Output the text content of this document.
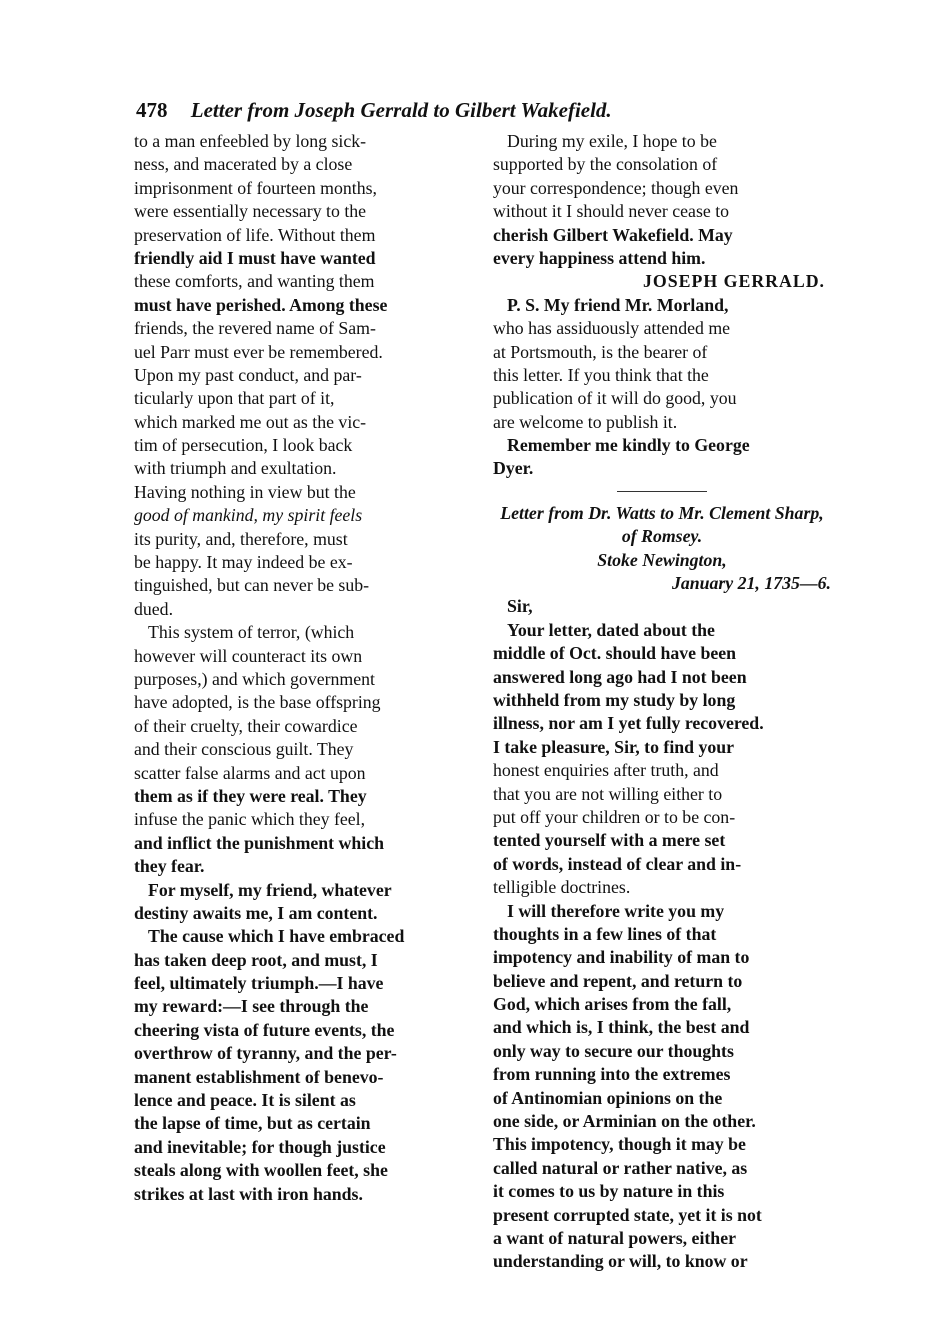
478 Letter from Joseph Gerrald to Gilbert Wakefield.
to a man enfeebled by long sick-
ness, and macerated by a close
imprisonment of fourteen months,
were essentially necessary to the
preservation of life. Without them
friendly aid I must have wanted
these comforts, and wanting them
must have perished. Among these
friends, the revered name of Sam-
uel Parr must ever be remembered.
Upon my past conduct, and par-
ticularly upon that part of it,
which marked me out as the vic-
tim of persecution, I look back
with triumph and exultation.
Having nothing in view but the
good of mankind, my spirit feels
its purity, and, therefore, must
be happy. It may indeed be ex-
tinguished, but can never be sub-
dued.
This system of terror, (which
however will counteract its own
purposes,) and which government
have adopted, is the base offspring
of their cruelty, their cowardice
and their conscious guilt. They
scatter false alarms and act upon
them as if they were real. They
infuse the panic which they feel,
and inflict the punishment which
they fear.
For myself, my friend, whatever
destiny awaits me, I am content.
The cause which I have embraced
has taken deep root, and must, I
feel, ultimately triumph.—I have
my reward:—I see through the
cheering vista of future events, the
overthrow of tyranny, and the per-
manent establishment of benevo-
lence and peace. It is silent as
the lapse of time, but as certain
and inevitable; for though justice
steals along with woollen feet, she
strikes at last with iron hands.
During my exile, I hope to be
supported by the consolation of
your correspondence; though even
without it I should never cease to
cherish Gilbert Wakefield. May
every happiness attend him.
JOSEPH GERRALD.
P. S. My friend Mr. Morland,
who has assiduously attended me
at Portsmouth, is the bearer of
this letter. If you think that the
publication of it will do good, you
are welcome to publish it.
Remember me kindly to George
Dyer.
Letter from Dr. Watts to Mr. Clement Sharp, of Romsey.
Stoke Newington,
January 21, 1735—6.
Sir,
Your letter, dated about the
middle of Oct. should have been
answered long ago had I not been
withheld from my study by long
illness, nor am I yet fully recovered.
I take pleasure, Sir, to find your
honest enquiries after truth, and
that you are not willing either to
put off your children or to be con-
tented yourself with a mere set
of words, instead of clear and in-
telligible doctrines.
I will therefore write you my
thoughts in a few lines of that
impotency and inability of man to
believe and repent, and return to
God, which arises from the fall,
and which is, I think, the best and
only way to secure our thoughts
from running into the extremes
of Antinomian opinions on the
one side, or Arminian on the other.
This impotency, though it may be
called natural or rather native, as
it comes to us by nature in this
present corrupted state, yet it is not
a want of natural powers, either
understanding or will, to know or
